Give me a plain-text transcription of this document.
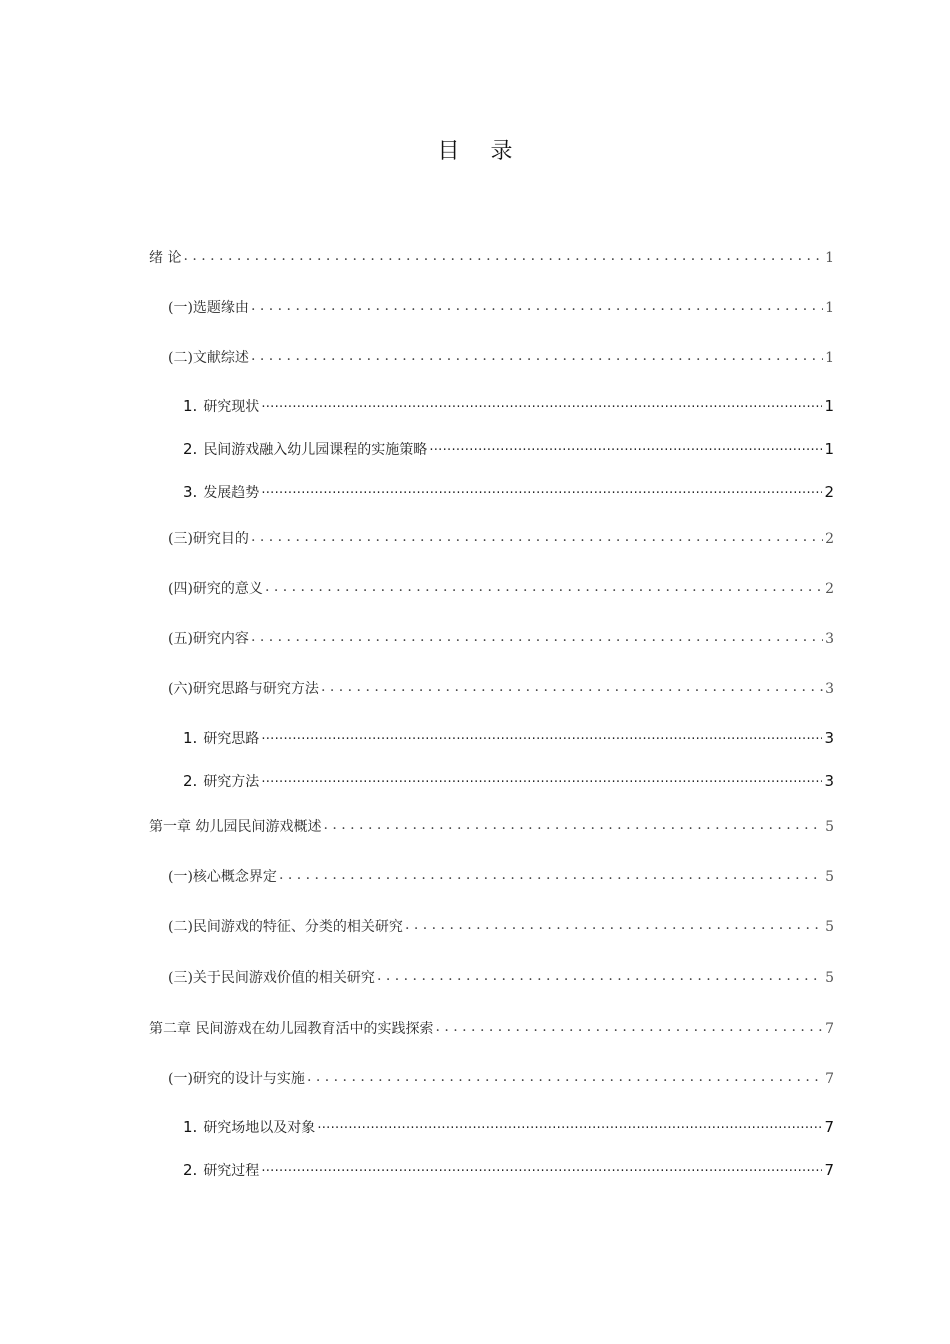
目 录
绪 论 . . .	1
(一)选题缘由 . . .	1
(二)文献综述 . . .	1
1. 研究现状 .....	1
2. 民间游戏融入幼儿园课程的实施策略 .....	1
3. 发展趋势 .....	2
(三)研究目的 . . .	2
(四)研究的意义 . . .	2
(五)研究内容 . . .	3
(六)研究思路与研究方法 . . .	3
1. 研究思路 .....	3
2. 研究方法 .....	3
第一章 幼儿园民间游戏概述 . . .	5
(一)核心概念界定 . . .	5
(二)民间游戏的特征、分类的相关研究 . . .	5
(三)关于民间游戏价值的相关研究 . . .	5
第二章 民间游戏在幼儿园教育活中的实践探索 . . .	7
(一)研究的设计与实施 . . .	7
1. 研究场地以及对象 .....	7
2. 研究过程 .....	7
